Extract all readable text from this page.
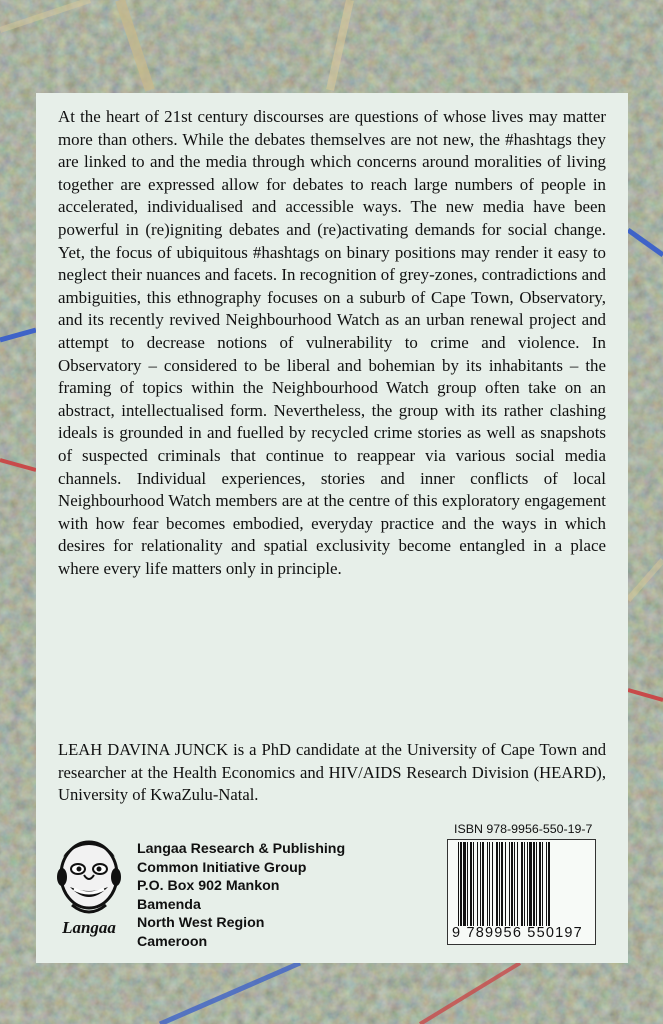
At the heart of 21st century discourses are questions of whose lives may matter more than others. While the debates themselves are not new, the #hashtags they are linked to and the media through which concerns around moralities of living together are expressed allow for debates to reach large numbers of people in accelerated, individualised and accessible ways. The new media have been powerful in (re)igniting debates and (re)activating demands for social change. Yet, the focus of ubiquitous #hashtags on binary positions may render it easy to neglect their nuances and facets. In recognition of grey-zones, contradictions and ambiguities, this ethnography focuses on a suburb of Cape Town, Observatory, and its recently revived Neighbourhood Watch as an urban renewal project and attempt to decrease notions of vulnerability to crime and violence. In Observatory – considered to be liberal and bohemian by its inhabitants – the framing of topics within the Neighbourhood Watch group often take on an abstract, intellectualised form. Nevertheless, the group with its rather clashing ideals is grounded in and fuelled by recycled crime stories as well as snapshots of suspected criminals that continue to reappear via various social media channels. Individual experiences, stories and inner conflicts of local Neighbourhood Watch members are at the centre of this exploratory engagement with how fear becomes embodied, everyday practice and the ways in which desires for relationality and spatial exclusivity become entangled in a place where every life matters only in principle.

LEAH DAVINA JUNCK is a PhD candidate at the University of Cape Town and researcher at the Health Economics and HIV/AIDS Research Division (HEARD), University of KwaZulu-Natal.

Langaa
Langaa Research & Publishing
Common Initiative Group
P.O. Box 902 Mankon
Bamenda
North West Region
Cameroon
ISBN 978-9956-550-19-7
9 789956 550197
